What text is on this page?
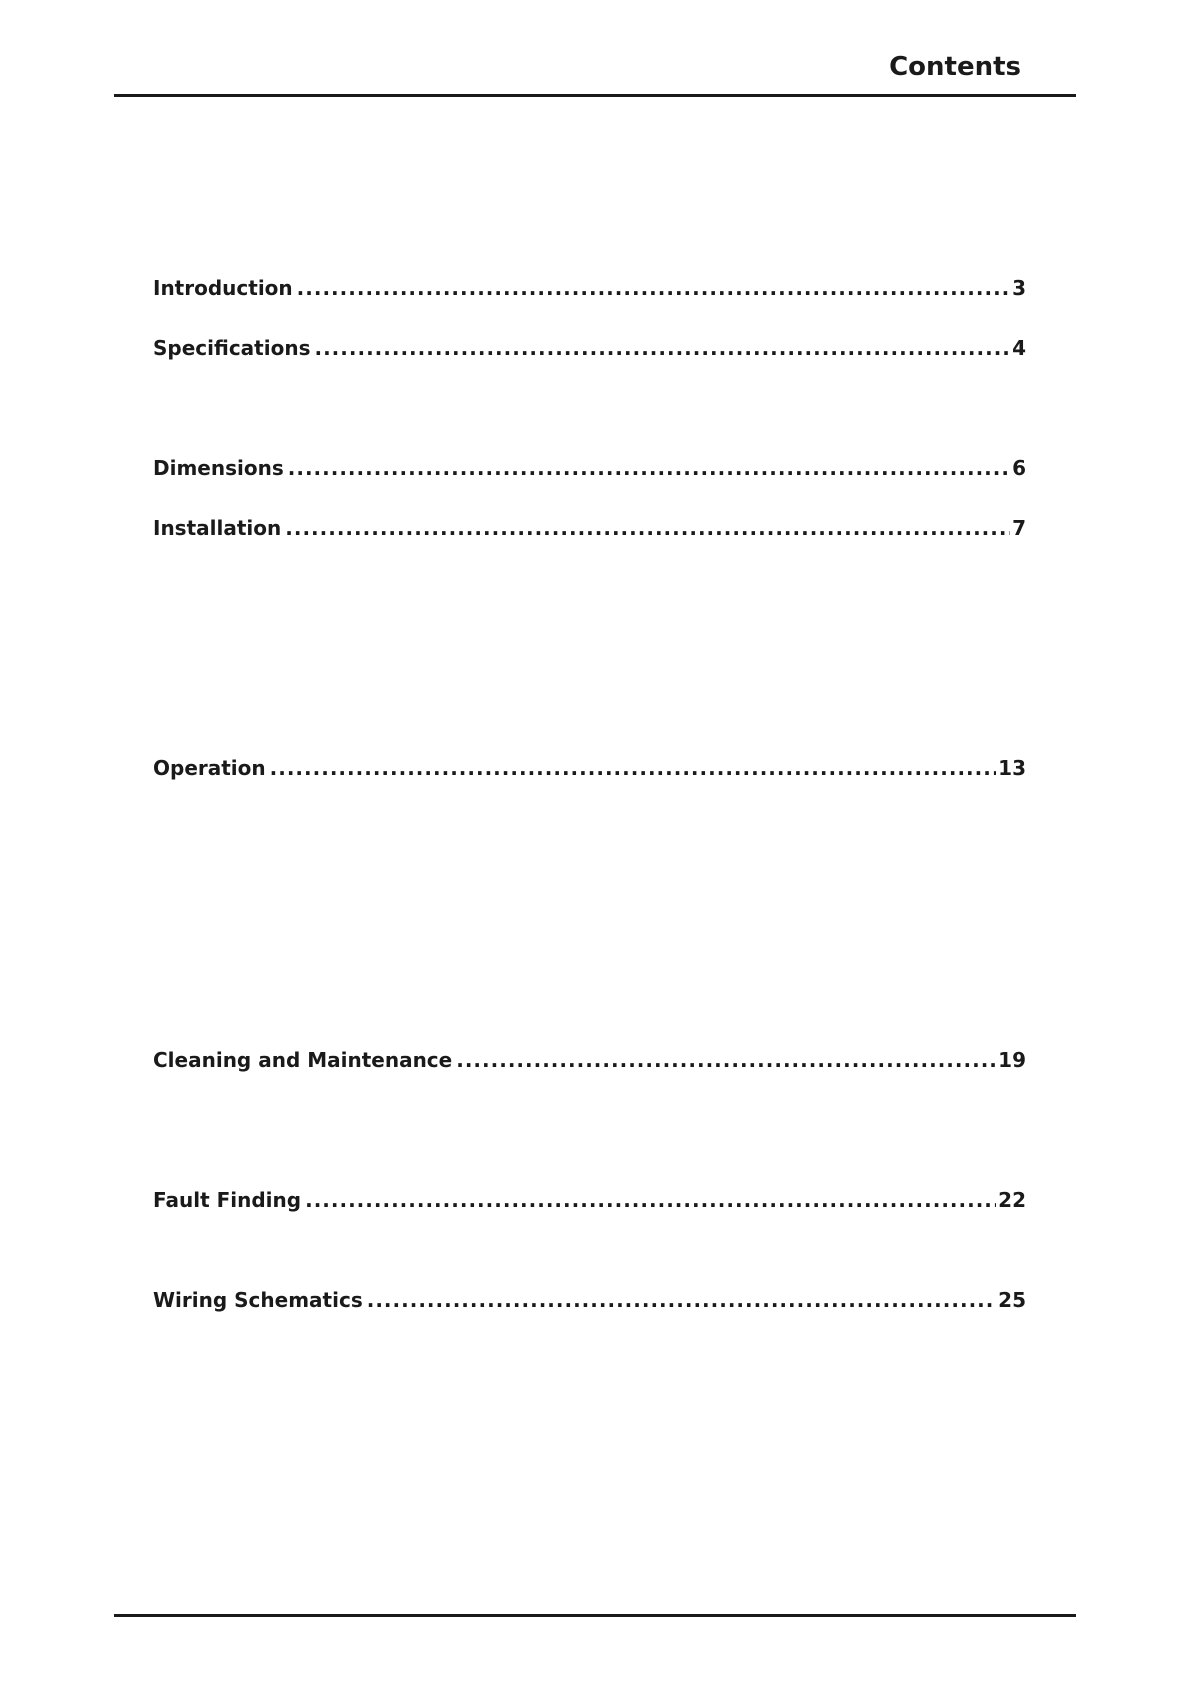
Contents
Introduction .....	3
Specifications .....	4
Dimensions .....	6
Installation .....	7
Operation .....	13
Cleaning and Maintenance .....	19
Fault Finding .....	22
Wiring Schematics .....	25
